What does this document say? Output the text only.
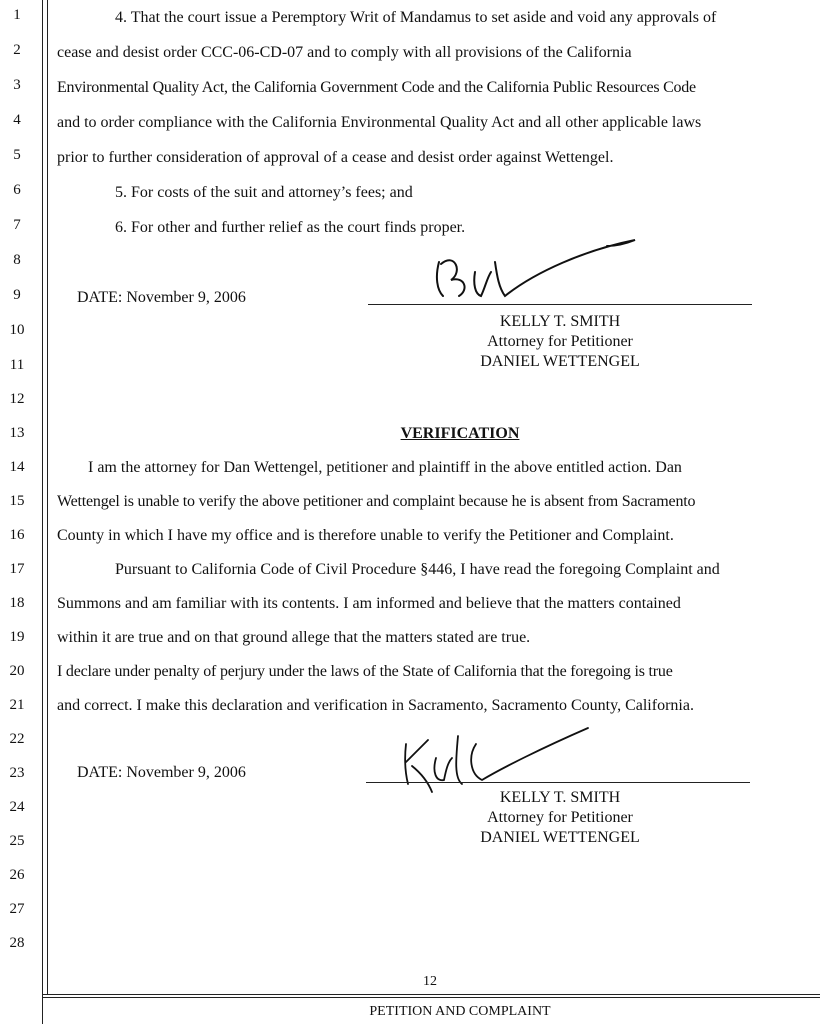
1
2
3
4
5
6
7
8
9
10
11
12
13
14
15
16
17
18
19
20
21
22
23
24
25
26
27
28
4. That the court issue a Peremptory Writ of Mandamus to set aside and void any approvals of
cease and desist order CCC-06-CD-07 and to comply with all provisions of the California
Environmental Quality Act, the California Government Code and the California Public Resources Code
and to order compliance with the California Environmental Quality Act and all other applicable laws
prior to further consideration of approval of a cease and desist order against Wettengel.
5. For costs of the suit and attorney’s fees; and
6. For other and further relief as the court finds proper.
DATE: November 9, 2006
KELLY T. SMITH
Attorney for Petitioner
DANIEL WETTENGEL
VERIFICATION
I am the attorney for Dan Wettengel, petitioner and plaintiff in the above entitled action. Dan
Wettengel is unable to verify the above petitioner and complaint because he is absent from Sacramento
County in which I have my office and is therefore unable to verify the Petitioner and Complaint.
Pursuant to California Code of Civil Procedure §446, I have read the foregoing Complaint and
Summons and am familiar with its contents. I am informed and believe that the matters contained
within it are true and on that ground allege that the matters stated are true.
I declare under penalty of perjury under the laws of the State of California that the foregoing is true
and correct. I make this declaration and verification in Sacramento, Sacramento County, California.
DATE: November 9, 2006
KELLY T. SMITH
Attorney for Petitioner
DANIEL WETTENGEL
12
PETITION AND COMPLAINT
